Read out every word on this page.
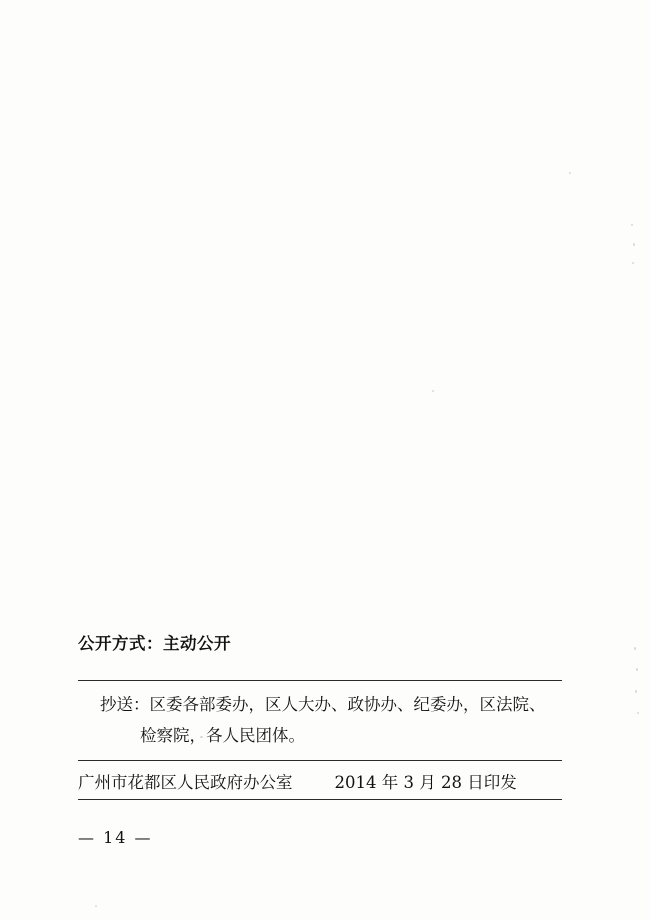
公开方式：主动公开
抄送：区委各部委办，区人大办、政协办、纪委办，区法院、
检察院，各人民团体。
广州市花都区人民政府办公室	2014 年 3 月 28 日印发
— 14 —
